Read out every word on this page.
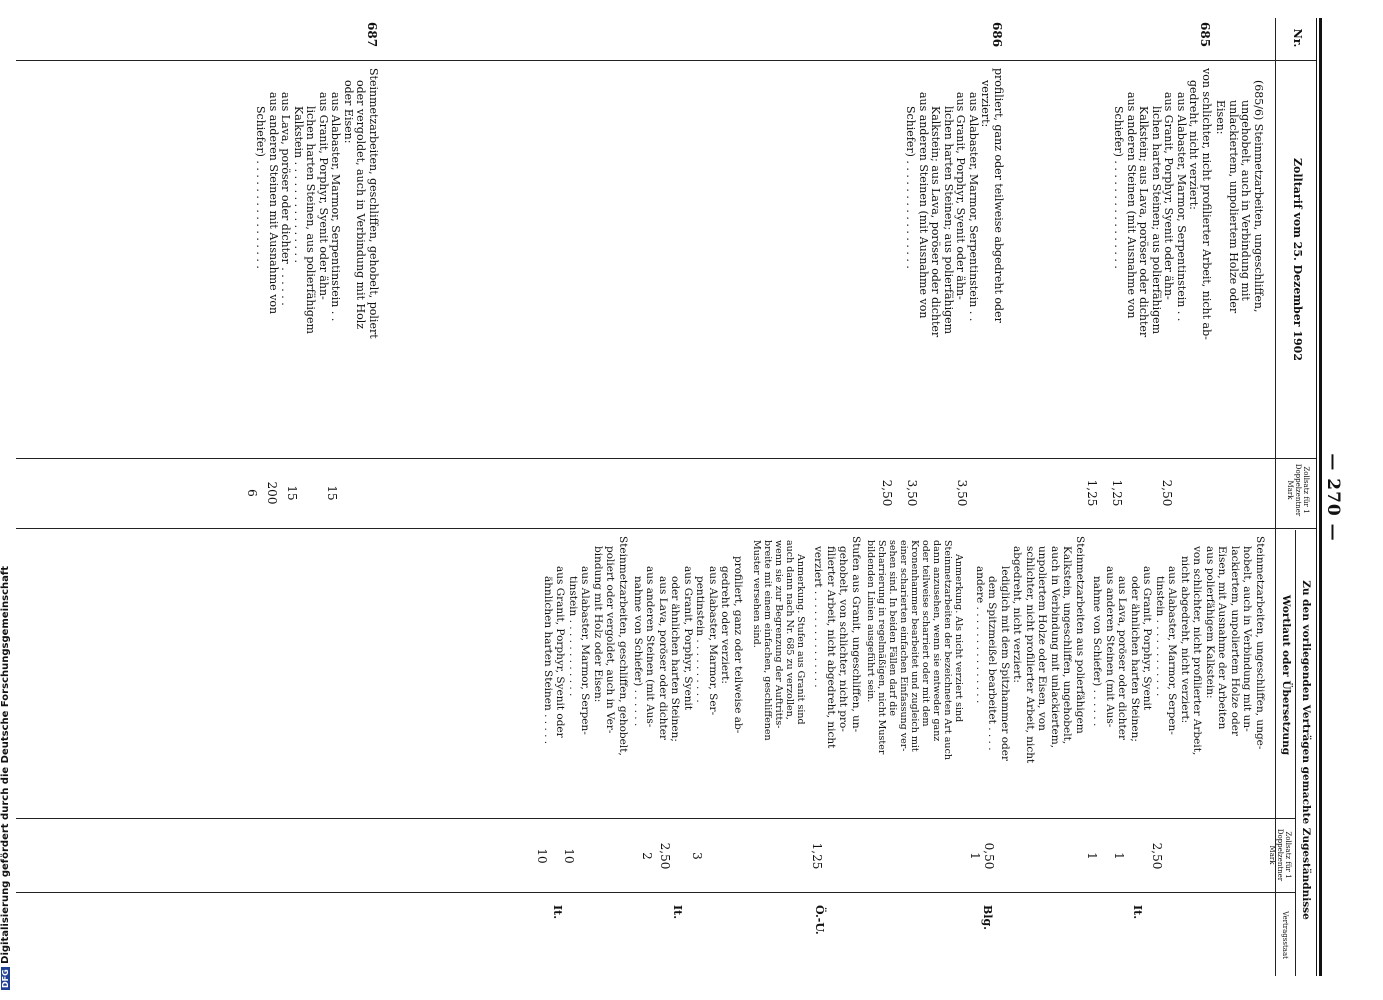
DFG Digitalisierung gefördert durch die Deutsche Forschungsgemeinschaft
— 270 —
Nr.
Zolltarif vom 25. Dezember 1902
Zollsatz für 1 Doppelzentner Mark
Zu den vorliegenden Verträgen gemachte Zugeständnisse
Wortlaut oder Übersetzung
Zollsatz für 1 Doppelzentner Mark
Vertragsstaat
(685/6) Steinmetzarbeiten, ungeschliffen,
ungehobelt, auch in Verbindung mit
unlackiertem, unpoliertem Holze oder
Eisen:
685
von schlichter, nicht profilierter Arbeit, nicht ab-
gedreht, nicht verziert:
aus Alabaster, Marmor, Serpentinstein . .
aus Granit, Porphyr, Syenit oder ähn-
lichen harten Steinen; aus polierfähigem
Kalkstein; aus Lava, poröser oder dichter
aus anderen Steinen (mit Ausnahme von
Schiefer) . . . . . . . . . . . . . . . .
2,50
1,25
1,25
686
profiliert, ganz oder teilweise abgedreht oder
verziert:
aus Alabaster, Marmor, Serpentinstein . .
aus Granit, Porphyr, Syenit oder ähn-
lichen harten Steinen; aus polierfähigem
Kalkstein; aus Lava, poröser oder dichter
aus anderen Steinen (mit Ausnahme von
Schiefer) . . . . . . . . . . . . . . . .
3,50
3,50
2,50
687
Steinmetzarbeiten, geschliffen, gehobelt, poliert
oder vergoldet, auch in Verbindung mit Holz
oder Eisen:
aus Alabaster, Marmor, Serpentinstein . .
aus Granit, Porphyr, Syenit oder ähn-
lichen harten Steinen, aus polierfähigem
Kalkstein . . . . . . . . . . . . . . .
aus Lava, poröser oder dichter . . . . . .
aus anderen Steinen mit Ausnahme von
Schiefer) . . . . . . . . . . . . . . . .
15
15
200
6
Steinmetzarbeiten, ungeschliffen, unge-
hobelt, auch in Verbindung mit un-
lackiertem, unpoliertem Holze oder
Eisen, mit Ausnahme der Arbeiten
aus polierfähigem Kalkstein:
von schlichter, nicht profilierter Arbeit,
nicht abgedreht, nicht verziert:
aus Alabaster, Marmor, Serpen-
tinstein . . . . . . . . . . . .
aus Granit, Porphyr, Syenit
oder ähnlichen harten Steinen;
aus Lava, poröser oder dichter
aus anderen Steinen (mit Aus-
nahme von Schiefer) . . . . . .
2,50
1
1
It.
Steinmetzarbeiten aus polierfähigem
Kalkstein, ungeschliffen, ungehobelt,
auch in Verbindung mit unlackiertem,
unpoliertem Holze oder Eisen, von
schlichter, nicht profilierter Arbeit, nicht
abgedreht, nicht verziert:
lediglich mit dem Spitzhammer oder
dem Spitzmeißel bearbeitet . . . .
andere . . . . . . . . . . . . . . .
0,50
1
Blg.
Anmerkung. Als nicht verziert sind
Steinmetzarbeiten der bezeichneten Art auch
dann anzusehen, wenn sie entweder ganz
oder teilweise scharriert oder mit dem
Kronenhammer bearbeitet und zugleich mit
einer scharierten einfachen Einfassung ver-
sehen sind. In beiden Fällen darf die
Scharrierung in regelmäßigen, nicht Muster
bildenden Linien ausgeführt sein.
Stufen aus Granit, ungeschliffen, un-
gehobelt, von schlichter, nicht pro-
filierter Arbeit, nicht abgedreht, nicht
verziert . . . . . . . . . . . . . . .
1,25
Ö.-U.
Anmerkung. Stufen aus Granit sind
auch dann nach Nr. 685 zu verzollen,
wenn sie zur Begrenzung der Auftritts-
breite mit einem einfachen, geschliffenen
Muster versehen sind.
profiliert, ganz oder teilweise ab-
gedreht oder verziert:
aus Alabaster, Marmor, Ser-
pentinstein . . . . . . . . . .
aus Granit, Porphyr, Syenit
oder ähnlichen harten Steinen;
aus Lava, poröser oder dichter
aus anderen Steinen (mit Aus-
nahme von Schiefer) . . . . . .
3
2,50
2
It.
Steinmetzarbeiten, geschliffen, gehobelt,
poliert oder vergoldet, auch in Ver-
bindung mit Holz oder Eisen:
aus Alabaster, Marmor, Serpen-
tinstein . . . . . . . . . . . .
aus Granit, Porphyr, Syenit oder
ähnlichen harten Steinen . . . . .
10
10
It.
